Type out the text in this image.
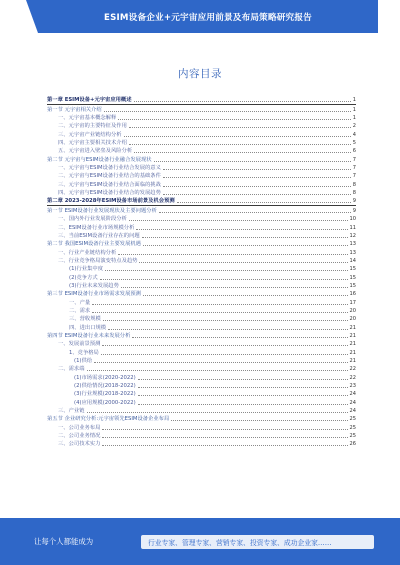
ESIM设备企业+元宇宙应用前景及布局策略研究报告
内容目录
第一章 ESIM设备+元宇宙应用概述	1
第一节 元宇宙相关介绍	1
一、元宇宙基本概念解释	1
二、元宇宙的主要特征及作用	2
三、元宇宙产业链结构分析	4
四、元宇宙主要相关技术介绍	5
五、元宇宙进入壁垒及风险分析	6
第二节 元宇宙与ESIM设备行业融合发展现状	7
一、元宇宙与ESIM设备行业结合发展的意义	7
二、元宇宙与ESIM设备行业结合的基础条件	7
三、元宇宙与ESIM设备行业结合面临的挑战	8
四、元宇宙与ESIM设备行业结合的发展趋势	8
第二章 2023-2028年ESIM设备市场前景及机会预测	9
第一节 ESIM设备行业发展现状及主要问题分析	9
一、国内外行业发展阶段分析	10
二、ESIM设备行业市场规模分析	11
三、当前ESIM设备行业存在的问题	12
第二节 我国ESIM设备行业主要发展机遇	13
一、行业产业链结构分析	13
二、行业竞争格局演变特点及趋势	14
(1)行业集中度	15
(2)竞争方式	15
(3)行业未来发展趋势	15
第三节 ESIM设备行业市场需求发展预测	16
一、产量	17
二、需求	20
三、营收规模	20
四、进出口规模	21
第四节 ESIM设备行业未来发展分析	21
一、发展前景预测	21
1、竞争格局	21
(1)供给	21
二、需求端	22
(1)市场需求(2020-2022)	22
(2)供给情况(2018-2022)	23
(3)行业规模(2018-2022)	24
(4)应用规模(2000-2022)	24
三、产业链	24
第五节 企业研究分析:元宇宙领先ESIM设备企业布局	25
一、公司业务布局	25
二、公司业务情况	25
三、公司技术实力	26
让每个人都能成为	行业专家、管理专家、营销专家、投资专家、成功企业家……
